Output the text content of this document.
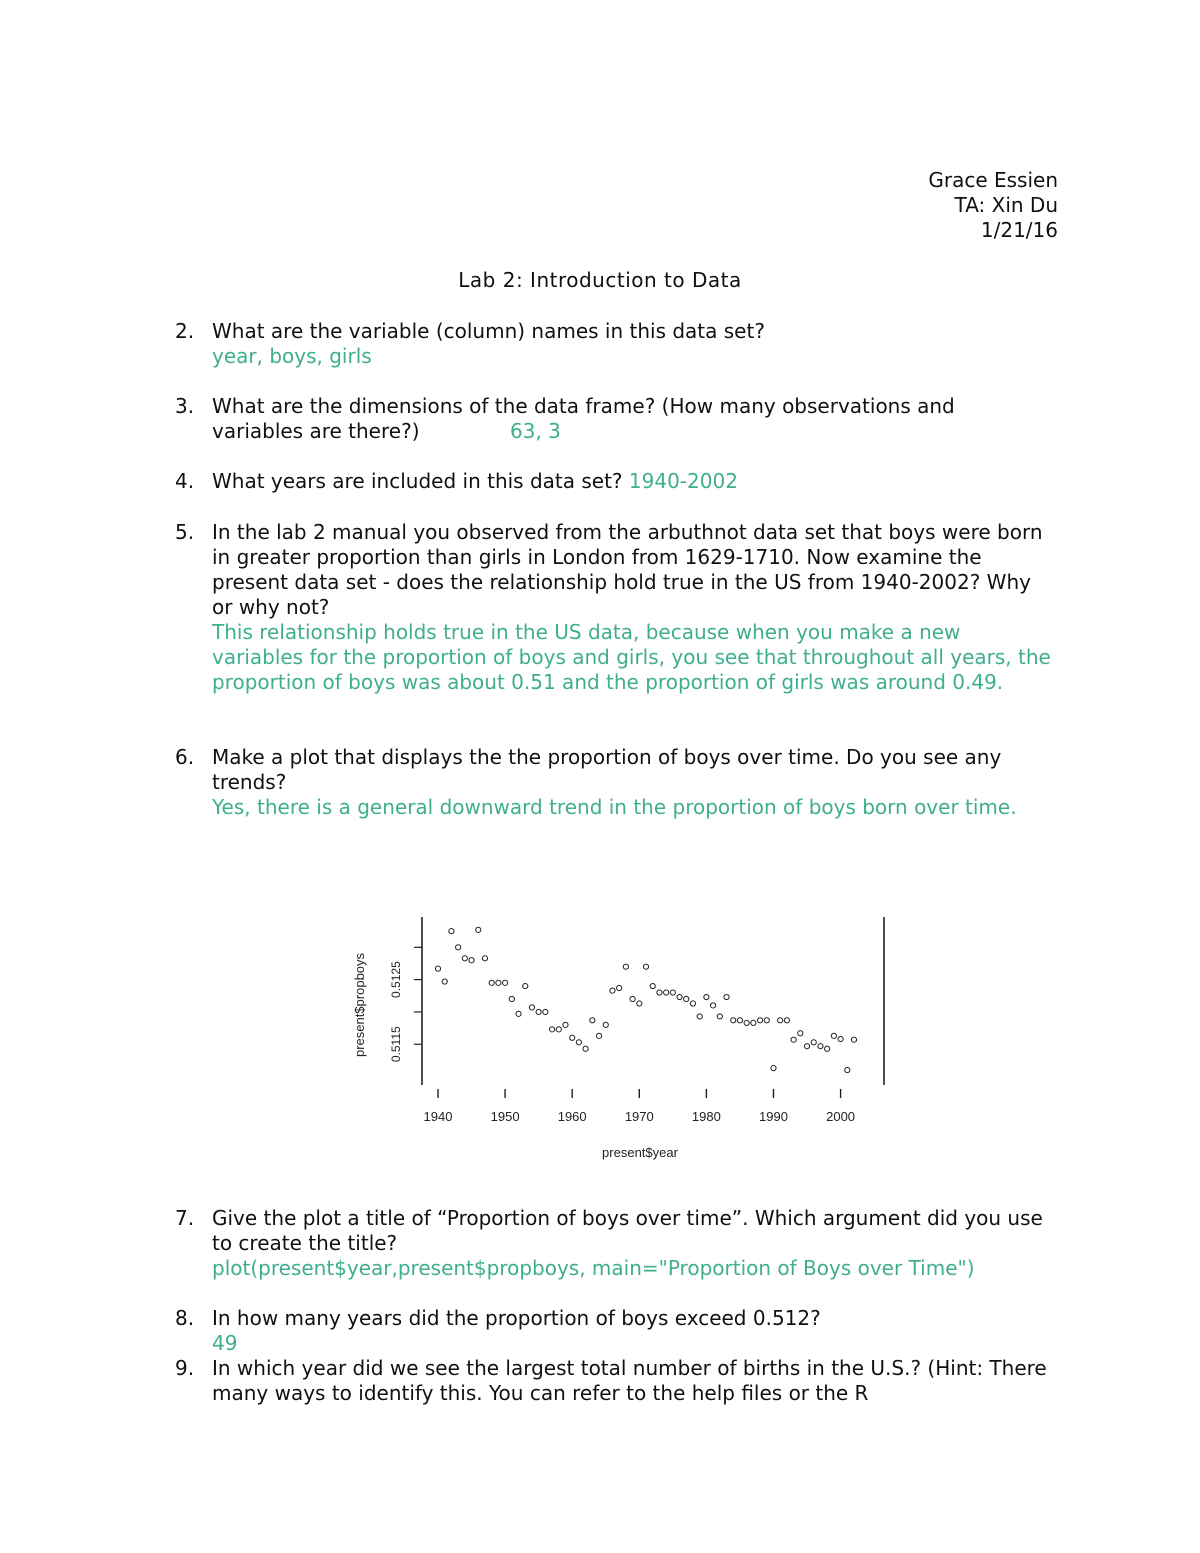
Grace Essien
TA: Xin Du
1/21/16
Lab 2: Introduction to Data
2. What are the variable (column) names in this data set?
year, boys, girls
3. What are the dimensions of the data frame? (How many observations and variables are there?)	63, 3
4. What years are included in this data set? 1940-2002
5. In the lab 2 manual you observed from the arbuthnot data set that boys were born in greater proportion than girls in London from 1629-1710. Now examine the present data set - does the relationship hold true in the US from 1940-2002? Why or why not?
This relationship holds true in the US data, because when you make a new variables for the proportion of boys and girls, you see that throughout all years, the proportion of boys was about 0.51 and the proportion of girls was around 0.49.
6. Make a plot that displays the the proportion of boys over time. Do you see any trends?
Yes, there is a general downward trend in the proportion of boys born over time.
0.5115
0.5125
1940	1950	1960	1970	1980	1990	2000
present$year
present$propboys
7. Give the plot a title of “Proportion of boys over time”. Which argument did you use to create the title?
plot(present$year,present$propboys, main="Proportion of Boys over Time")
8. In how many years did the proportion of boys exceed 0.512?
49
9. In which year did we see the largest total number of births in the U.S.? (Hint: There many ways to identify this. You can refer to the help files or the R
